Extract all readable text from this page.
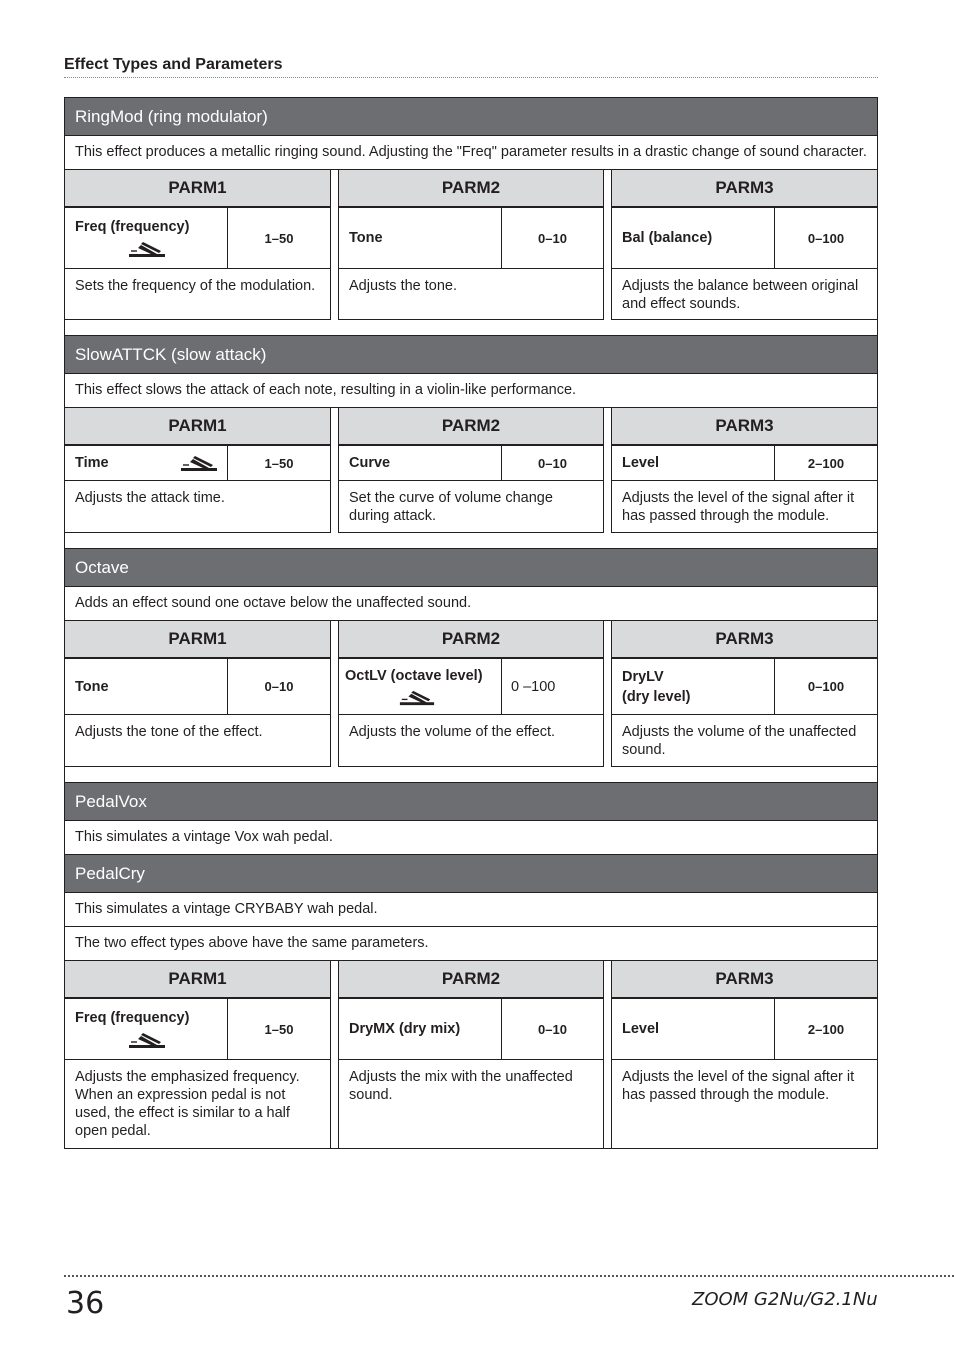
Effect Types and Parameters
RingMod (ring modulator)
This effect produces a metallic ringing sound. Adjusting the "Freq" parameter results in a drastic change of sound character.
PARM1
Freq (frequency)
1–50
Sets the frequency of the modulation.
PARM2
Tone	0–10
Adjusts the tone.
PARM3
Bal (balance)	0–100
Adjusts the balance between original and effect sounds.
SlowATTCK (slow attack)
This effect slows the attack of each note, resulting in a violin-like performance.
PARM1
Time	1–50
Adjusts the attack time.
PARM2
Curve	0–10
Set the curve of volume change during attack.
PARM3
Level	2–100
Adjusts the level of the signal after it has passed through the module.
Octave
Adds an effect sound one octave below the unaffected sound.
PARM1
Tone	0–10
Adjusts the tone of the effect.
PARM2
OctLV (octave level)
0 –100
Adjusts the volume of the effect.
PARM3
DryLV
(dry level)
0–100
Adjusts the volume of the unaffected sound.
PedalVox
This simulates a vintage Vox wah pedal.
PedalCry
This simulates a vintage CRYBABY wah pedal.
The two effect types above have the same parameters.
PARM1
Freq (frequency)
1–50
Adjusts the emphasized frequency. When an expression pedal is not used, the effect is similar to a half open pedal.
PARM2
DryMX (dry mix)	0–10
Adjusts the mix with the unaffected sound.
PARM3
Level	2–100
Adjusts the level of the signal after it has passed through the module.
36	ZOOM G2Nu/G2.1Nu
